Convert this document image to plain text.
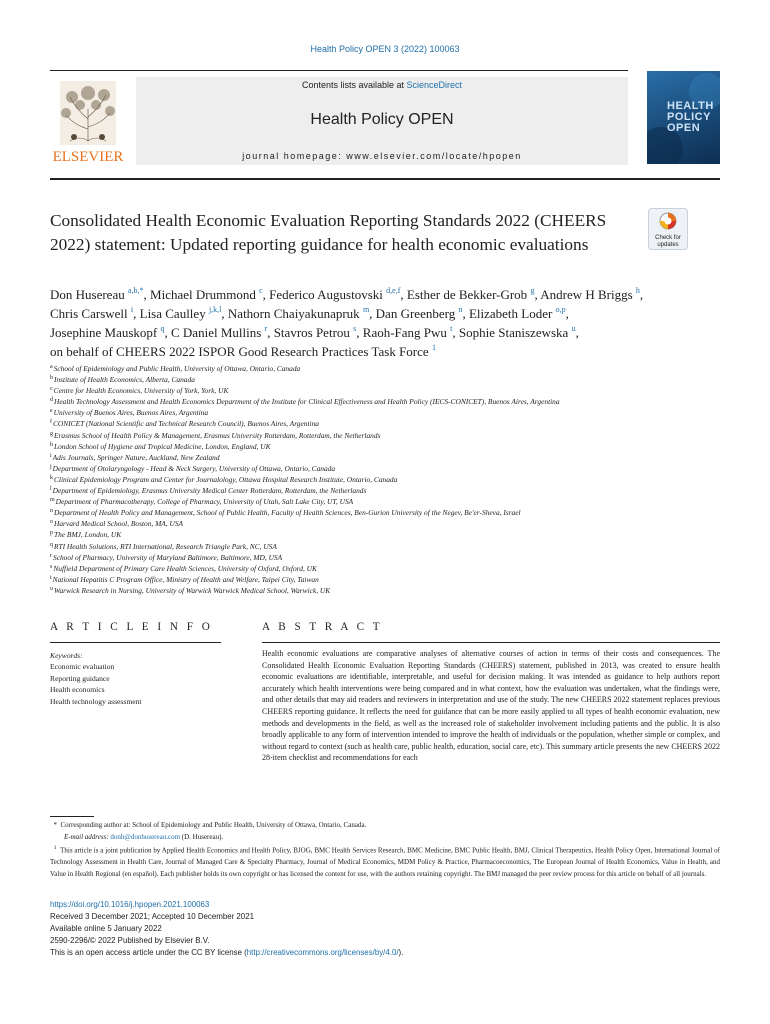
Health Policy OPEN 3 (2022) 100063
ELSEVIER
Contents lists available at ScienceDirect
Health Policy OPEN
journal homepage: www.elsevier.com/locate/hpopen
HEALTH
POLICY
OPEN
Consolidated Health Economic Evaluation Reporting Standards 2022 (CHEERS 2022) statement: Updated reporting guidance for health economic evaluations	Check for updates
Don Husereau $^{a,b,*}$, Michael Drummond $^c$, Federico Augustovski $^{d,e,f}$, Esther de Bekker-Grob $^g$, Andrew H Briggs $^h$,
Chris Carswell $^i$, Lisa Caulley $^{j,k,l}$, Nathorn Chaiyakunapruk $^m$, Dan Greenberg $^n$, Elizabeth Loder $^{o,p}$,
Josephine Mauskopf $^q$, C Daniel Mullins $^r$, Stavros Petrou $^s$, Raoh-Fang Pwu $^t$, Sophie Staniszewska $^u$,
on behalf of CHEERS 2022 ISPOR Good Research Practices Task Force $^1$
$^a$School of Epidemiology and Public Health, University of Ottawa, Ontario, Canada
$^b$Institute of Health Economics, Alberta, Canada
$^c$Centre for Health Economics, University of York, York, UK
$^d$Health Technology Assessment and Health Economics Department of the Institute for Clinical Effectiveness and Health Policy (IECS-CONICET), Buenos Aires, Argentina
$^e$University of Buenos Aires, Buenos Aires, Argentina
$^f$CONICET (National Scientific and Technical Research Council), Buenos Aires, Argentina
$^g$Erasmus School of Health Policy & Management, Erasmus University Rotterdam, Rotterdam, the Netherlands
$^h$London School of Hygiene and Tropical Medicine, London, England, UK
$^i$Adis Journals, Springer Nature, Auckland, New Zealand
$^j$Department of Otolaryngology - Head & Neck Surgery, University of Ottawa, Ontario, Canada
$^k$Clinical Epidemiology Program and Center for Journalology, Ottawa Hospital Research Institute, Ontario, Canada
$^l$Department of Epidemiology, Erasmus University Medical Center Rotterdam, Rotterdam, the Netherlands
$^m$Department of Pharmacotherapy, College of Pharmacy, University of Utah, Salt Lake City, UT, USA
$^n$Department of Health Policy and Management, School of Public Health, Faculty of Health Sciences, Ben-Gurion University of the Negev, Be'er-Sheva, Israel
$^o$Harvard Medical School, Boston, MA, USA
$^p$The BMJ, London, UK
$^q$RTI Health Solutions, RTI International, Research Triangle Park, NC, USA
$^r$School of Pharmacy, University of Maryland Baltimore, Baltimore, MD, USA
$^s$Nuffield Department of Primary Care Health Sciences, University of Oxford, Oxford, UK
$^t$National Hepatitis C Program Office, Ministry of Health and Welfare, Taipei City, Taiwan
$^u$Warwick Research in Nursing, University of Warwick Warwick Medical School, Warwick, UK
A R T I C L E I N F O
Keywords:
Economic evaluation
Reporting guidance
Health economics
Health technology assessment
A B S T R A C T
Health economic evaluations are comparative analyses of alternative courses of action in terms of their costs and consequences. The Consolidated Health Economic Evaluation Reporting Standards (CHEERS) statement, published in 2013, was created to ensure health economic evaluations are identifiable, interpretable, and useful for decision making. It was intended as guidance to help authors report accurately which health interventions were being compared and in what context, how the evaluation was undertaken, what the findings were, and other details that may aid readers and reviewers in interpretation and use of the study. The new CHEERS 2022 statement replaces previous CHEERS reporting guidance. It reflects the need for guidance that can be more easily applied to all types of health economic evaluation, new methods and developments in the field, as well as the increased role of stakeholder involvement including patients and the public. It is also broadly applicable to any form of intervention intended to improve the health of individuals or the population, whether simple or complex, and without regard to context (such as health care, public health, education, social care, etc). This summary article presents the new CHEERS 2022 28-item checklist and recommendations for each

* Corresponding author at: School of Epidemiology and Public Health, University of Ottawa, Ontario, Canada.

E-mail address: donh@donhusereau.com (D. Husereau).

$^1$ This article is a joint publication by Applied Health Economics and Health Policy, BJOG, BMC Health Services Research, BMC Medicine, BMC Public Health, BMJ, Clinical Therapeutics, Health Policy Open, International Journal of Technology Assessment in Health Care, Journal of Managed Care & Specialty Pharmacy, Journal of Medical Economics, MDM Policy & Practice, Pharmacoeconomics, The European Journal of Health Economics, Value in Health, and Value in Health Regional (en español). Each publisher holds its own copyright or has licensed the content for use, with the authors retaining copyright. The BMJ managed the peer review process for this article on behalf of all journals.

https://doi.org/10.1016/j.hpopen.2021.100063
Received 3 December 2021; Accepted 10 December 2021
Available online 5 January 2022
2590-2296/© 2022 Published by Elsevier B.V.
This is an open access article under the CC BY license (http://creativecommons.org/licenses/by/4.0/).
